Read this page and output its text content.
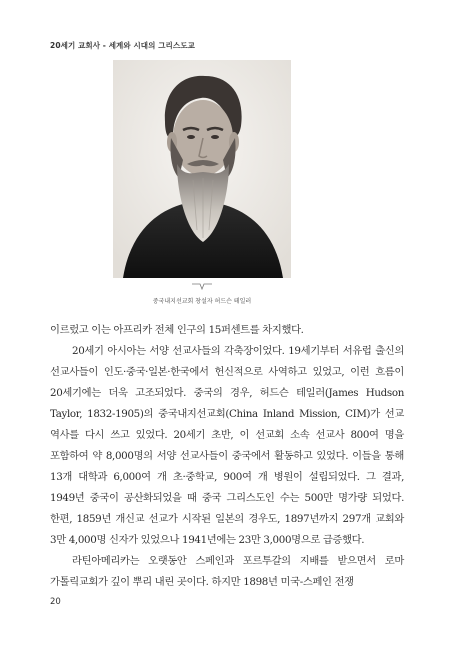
20세기 교회사 - 세계와 시대의 그리스도교
중국내지선교회 창설자 허드슨 테일러

이르렀고 이는 아프리카 전체 인구의 15퍼센트를 차지했다.

20세기 아시아는 서양 선교사들의 각축장이었다. 19세기부터 서유럽 출신의 선교사들이 인도·중국·일본·한국에서 헌신적으로 사역하고 있었고, 이런 흐름이 20세기에는 더욱 고조되었다. 중국의 경우, 허드슨 테일러(James Hudson Taylor, 1832-1905)의 중국내지선교회(China Inland Mission, CIM)가 선교 역사를 다시 쓰고 있었다. 20세기 초반, 이 선교회 소속 선교사 800여 명을 포함하여 약 8,000명의 서양 선교사들이 중국에서 활동하고 있었다. 이들을 통해 13개 대학과 6,000여 개 초·중학교, 900여 개 병원이 설립되었다. 그 결과, 1949년 중국이 공산화되었을 때 중국 그리스도인 수는 500만 명가량 되었다. 한편, 1859년 개신교 선교가 시작된 일본의 경우도, 1897년까지 297개 교회와 3만 4,000명 신자가 있었으나 1941년에는 23만 3,000명으로 급증했다.

라틴아메리카는 오랫동안 스페인과 포르투갈의 지배를 받으면서 로마 가톨릭교회가 깊이 뿌리 내린 곳이다. 하지만 1898년 미국-스페인 전쟁

20
